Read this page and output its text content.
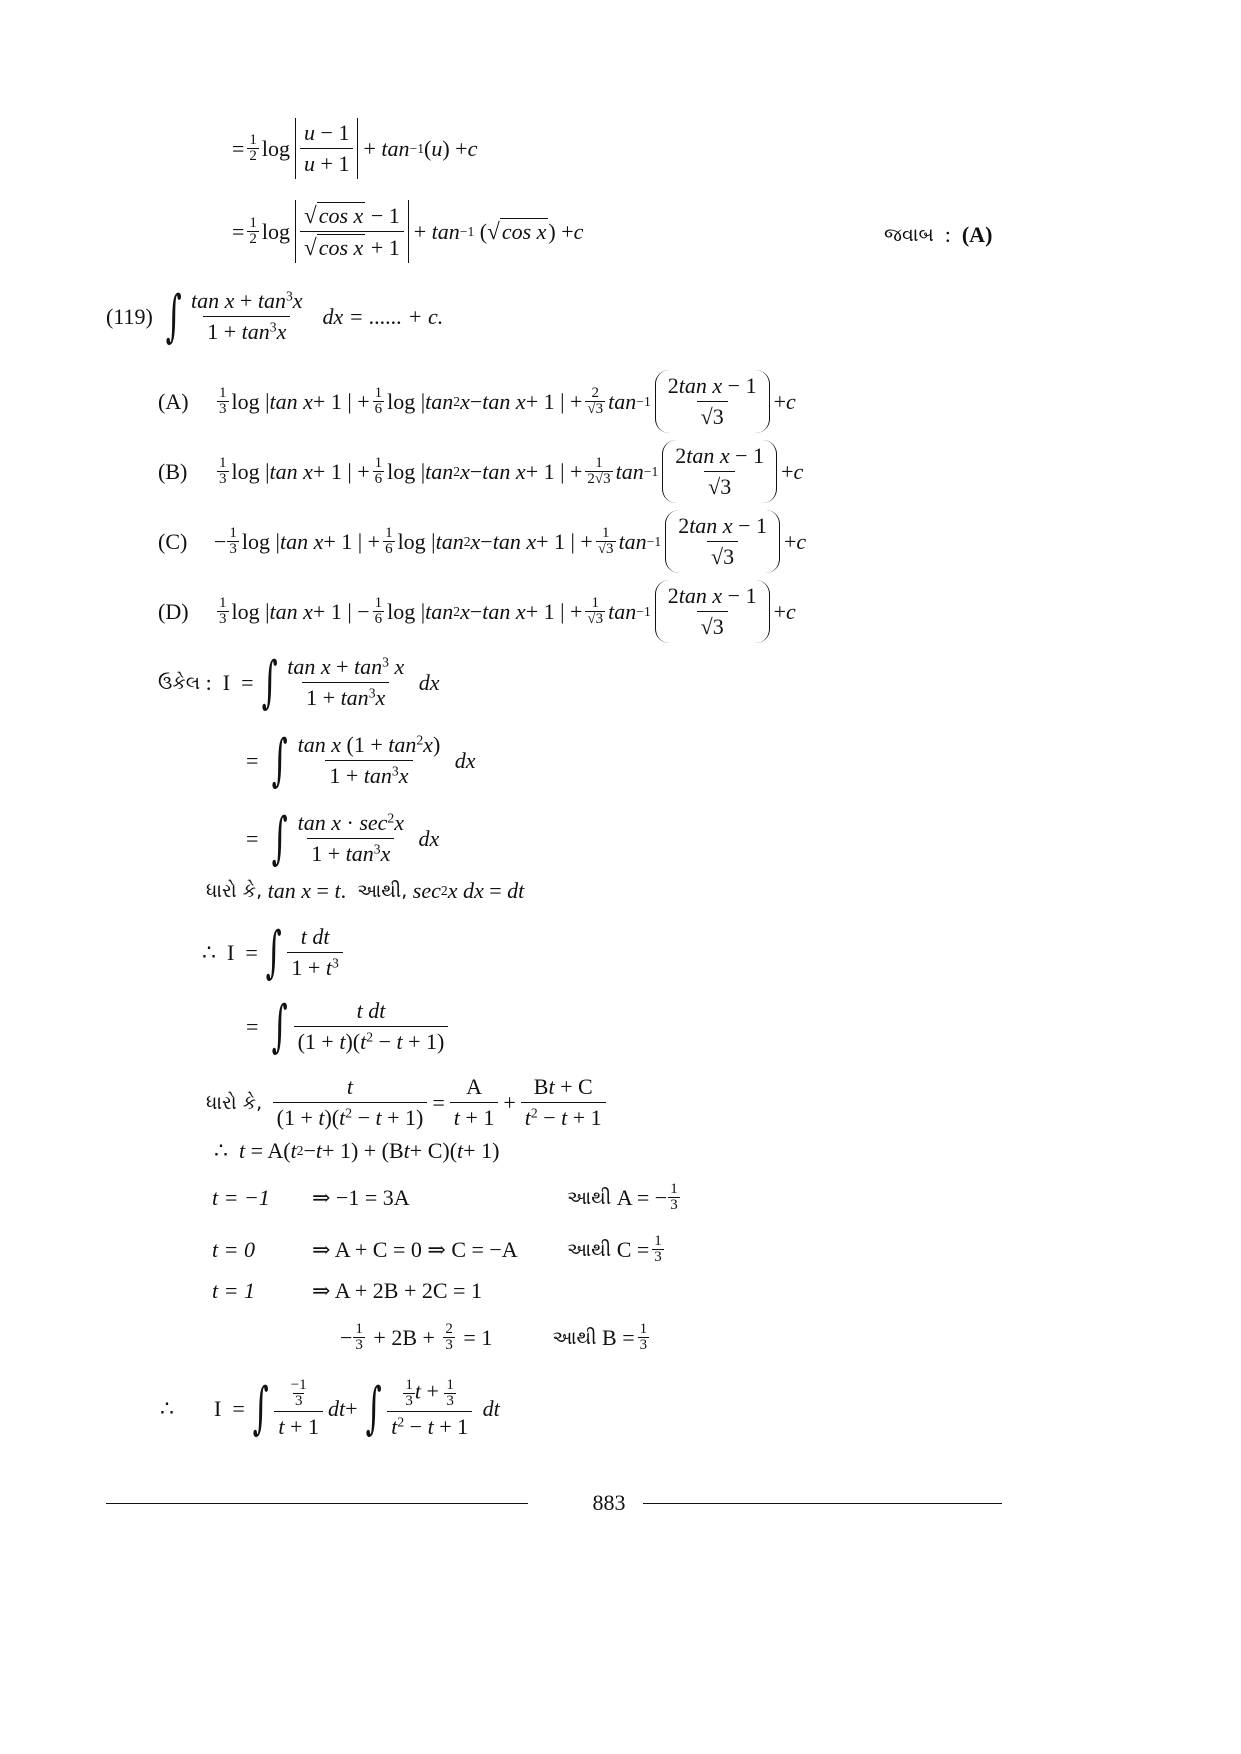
= 1
2 log
u − 1
u + 1
+ tan −1 ( u ) + c
= 1
2 log
√ cos x − 1
√ cos x + 1
+ tan −1 ( √ cos x ) + c	જવાબ : (A)
(119) ∫ $\tan x + \tan^3x$
$1 + \tan^3x$

dx = ...... + c.
(A)	1
3 log | tan x + 1 | + 1
6 log | tan 2 x − tan x + 1 | + 2
√3 tan −1
2tan x − 1
√3
+ c
(B)	1
3 log | tan x + 1 | + 1
6 log | tan 2 x − tan x + 1 | + 1
2√3 tan −1
2tan x − 1
√3
+ c
(C)	− 1
3 log | tan x + 1 | + 1
6 log | tan 2 x − tan x + 1 | + 1
√3 tan −1
2tan x − 1
√3
+ c
(D)	1
3 log | tan x + 1 | − 1
6 log | tan 2 x − tan x + 1 | + 1
√3 tan −1
2tan x − 1
√3
+ c
ઉકેલ :  I  = ∫ $\tan x + \tan^3 x$
$1 + \tan^3x$

dx
= ∫ tan x $(1 + \tan^2x)$
$1 + \tan^3x$

dx
= ∫ $\tan x \cdot \sec^2x$
$1 + \tan^3x$

dx
ધારો કે,
tan x = t . આથી,
sec 2 x dx = dt
∴ I  = ∫ t dt
$1 + t^3$
= ∫	t dt
$(1 + t)(t^2 - t + 1)$
ધારો કે,

t
$(1 + t)(t^2 - t + 1)$
=
A
t + 1
+
Bt + C
$t^2 - t + 1$
∴
t = A( t 2 − t + 1) + (B t + C)( t + 1)
t = −1	⇒ −1 = 3A	આથી
A = − $\frac{1}{3}$
t = 0	⇒ A + C = 0 ⇒ C = −A	આથી
$C = \frac{1}{3}$
t = 1	⇒ A + 2B + 2C = 1
− 1
3 + 2B + 2
3 = 1	આથી
$B = \frac{1}{3}$
∴ I  = ∫ $\frac{-1}{3}$
t + 1
dt + ∫ $\frac{1}{3}$ $t + \frac{1}{3}$
$t^2 - t + 1$

dt
883
